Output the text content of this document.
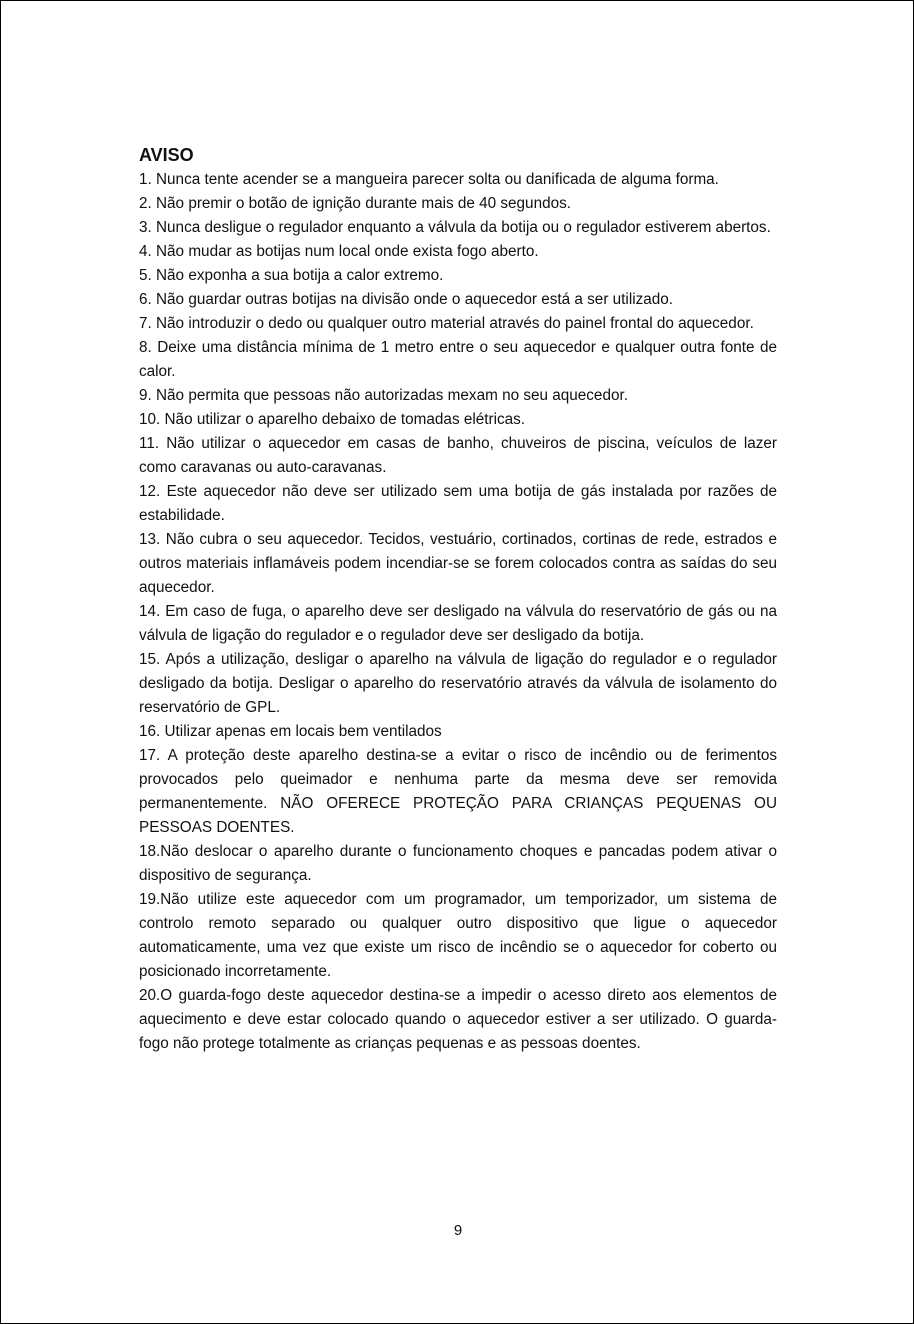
AVISO
1. Nunca tente acender se a mangueira parecer solta ou danificada de alguma forma.
2. Não premir o botão de ignição durante mais de 40 segundos.
3. Nunca desligue o regulador enquanto a válvula da botija ou o regulador estiverem abertos.
4. Não mudar as botijas num local onde exista fogo aberto.
5. Não exponha a sua botija a calor extremo.
6. Não guardar outras botijas na divisão onde o aquecedor está a ser utilizado.
7. Não introduzir o dedo ou qualquer outro material através do painel frontal do aquecedor.
8. Deixe uma distância mínima de 1 metro entre o seu aquecedor e qualquer outra fonte de calor.
9. Não permita que pessoas não autorizadas mexam no seu aquecedor.
10. Não utilizar o aparelho debaixo de tomadas elétricas.
11. Não utilizar o aquecedor em casas de banho, chuveiros de piscina, veículos de lazer como caravanas ou auto-caravanas.
12. Este aquecedor não deve ser utilizado sem uma botija de gás instalada por razões de estabilidade.
13. Não cubra o seu aquecedor. Tecidos, vestuário, cortinados, cortinas de rede, estrados e outros materiais inflamáveis podem incendiar-se se forem colocados contra as saídas do seu aquecedor.
14. Em caso de fuga, o aparelho deve ser desligado na válvula do reservatório de gás ou na válvula de ligação do regulador e o regulador deve ser desligado da botija.
15. Após a utilização, desligar o aparelho na válvula de ligação do regulador e o regulador desligado da botija. Desligar o aparelho do reservatório através da válvula de isolamento do reservatório de GPL.
16. Utilizar apenas em locais bem ventilados
17. A proteção deste aparelho destina-se a evitar o risco de incêndio ou de ferimentos provocados pelo queimador e nenhuma parte da mesma deve ser removida permanentemente. NÃO OFERECE PROTEÇÃO PARA CRIANÇAS PEQUENAS OU PESSOAS DOENTES.
18.Não deslocar o aparelho durante o funcionamento choques e pancadas podem ativar o dispositivo de segurança.
19.Não utilize este aquecedor com um programador, um temporizador, um sistema de controlo remoto separado ou qualquer outro dispositivo que ligue o aquecedor automaticamente, uma vez que existe um risco de incêndio se o aquecedor for coberto ou posicionado incorretamente.
20.O guarda-fogo deste aquecedor destina-se a impedir o acesso direto aos elementos de aquecimento e deve estar colocado quando o aquecedor estiver a ser utilizado. O guarda-fogo não protege totalmente as crianças pequenas e as pessoas doentes.
9
